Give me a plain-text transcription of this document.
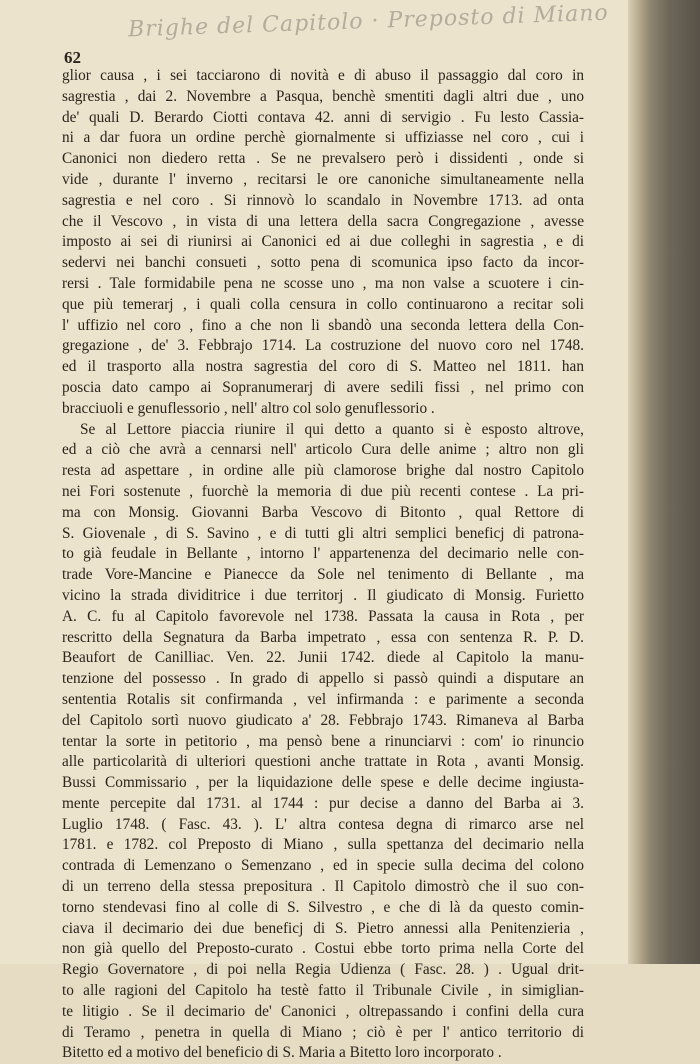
Brighe del Capitolo · Preposto di Miano
62
glior causa , i sei tacciarono di novità e di abuso il passaggio dal coro in
sagrestia , dai 2. Novembre a Pasqua, benchè smentiti dagli altri due , uno
de' quali D. Berardo Ciotti contava 42. anni di servigio . Fu lesto Cassia-
ni a dar fuora un ordine perchè giornalmente si uffiziasse nel coro , cui i
Canonici non diedero retta . Se ne prevalsero però i dissidenti , onde si
vide , durante l' inverno , recitarsi le ore canoniche simultaneamente nella
sagrestia e nel coro . Si rinnovò lo scandalo in Novembre 1713. ad onta
che il Vescovo , in vista di una lettera della sacra Congregazione , avesse
imposto ai sei di riunirsi ai Canonici ed ai due colleghi in sagrestia , e di
sedervi nei banchi consueti , sotto pena di scomunica ipso facto da incor-
rersi . Tale formidabile pena ne scosse uno , ma non valse a scuotere i cin-
que più temerarj , i quali colla censura in collo continuarono a recitar soli
l' uffizio nel coro , fino a che non li sbandò una seconda lettera della Con-
gregazione , de' 3. Febbrajo 1714. La costruzione del nuovo coro nel 1748.
ed il trasporto alla nostra sagrestia del coro di S. Matteo nel 1811. han
poscia dato campo ai Sopranumerarj di avere sedili fissi , nel primo con
bracciuoli e genuflessorio , nell' altro col solo genuflessorio .
Se al Lettore piaccia riunire il qui detto a quanto si è esposto altrove,
ed a ciò che avrà a cennarsi nell' articolo Cura delle anime ; altro non gli
resta ad aspettare , in ordine alle più clamorose brighe dal nostro Capitolo
nei Fori sostenute , fuorchè la memoria di due più recenti contese . La pri-
ma con Monsig. Giovanni Barba Vescovo di Bitonto , qual Rettore di
S. Giovenale , di S. Savino , e di tutti gli altri semplici beneficj di patrona-
to già feudale in Bellante , intorno l' appartenenza del decimario nelle con-
trade Vore-Mancine e Pianecce da Sole nel tenimento di Bellante , ma
vicino la strada dividitrice i due territorj . Il giudicato di Monsig. Furietto
A. C. fu al Capitolo favorevole nel 1738. Passata la causa in Rota , per
rescritto della Segnatura da Barba impetrato , essa con sentenza R. P. D.
Beaufort de Canilliac. Ven. 22. Junii 1742. diede al Capitolo la manu-
tenzione del possesso . In grado di appello si passò quindi a disputare an
sententia Rotalis sit confirmanda , vel infirmanda : e parimente a seconda
del Capitolo sortì nuovo giudicato a' 28. Febbrajo 1743. Rimaneva al Barba
tentar la sorte in petitorio , ma pensò bene a rinunciarvi : com' io rinuncio
alle particolarità di ulteriori questioni anche trattate in Rota , avanti Monsig.
Bussi Commissario , per la liquidazione delle spese e delle decime ingiusta-
mente percepite dal 1731. al 1744 : pur decise a danno del Barba ai 3.
Luglio 1748. ( Fasc. 43. ). L' altra contesa degna di rimarco arse nel
1781. e 1782. col Preposto di Miano , sulla spettanza del decimario nella
contrada di Lemenzano o Semenzano , ed in specie sulla decima del colono
di un terreno della stessa prepositura . Il Capitolo dimostrò che il suo con-
torno stendevasi fino al colle di S. Silvestro , e che di là da questo comin-
ciava il decimario dei due beneficj di S. Pietro annessi alla Penitenzieria ,
non già quello del Preposto-curato . Costui ebbe torto prima nella Corte del
Regio Governatore , di poi nella Regia Udienza ( Fasc. 28. ) . Ugual drit-
to alle ragioni del Capitolo ha testè fatto il Tribunale Civile , in simiglian-
te litigio . Se il decimario de' Canonici , oltrepassando i confini della cura
di Teramo , penetra in quella di Miano ; ciò è per l' antico territorio di
Bitetto ed a motivo del beneficio di S. Maria a Bitetto loro incorporato .
